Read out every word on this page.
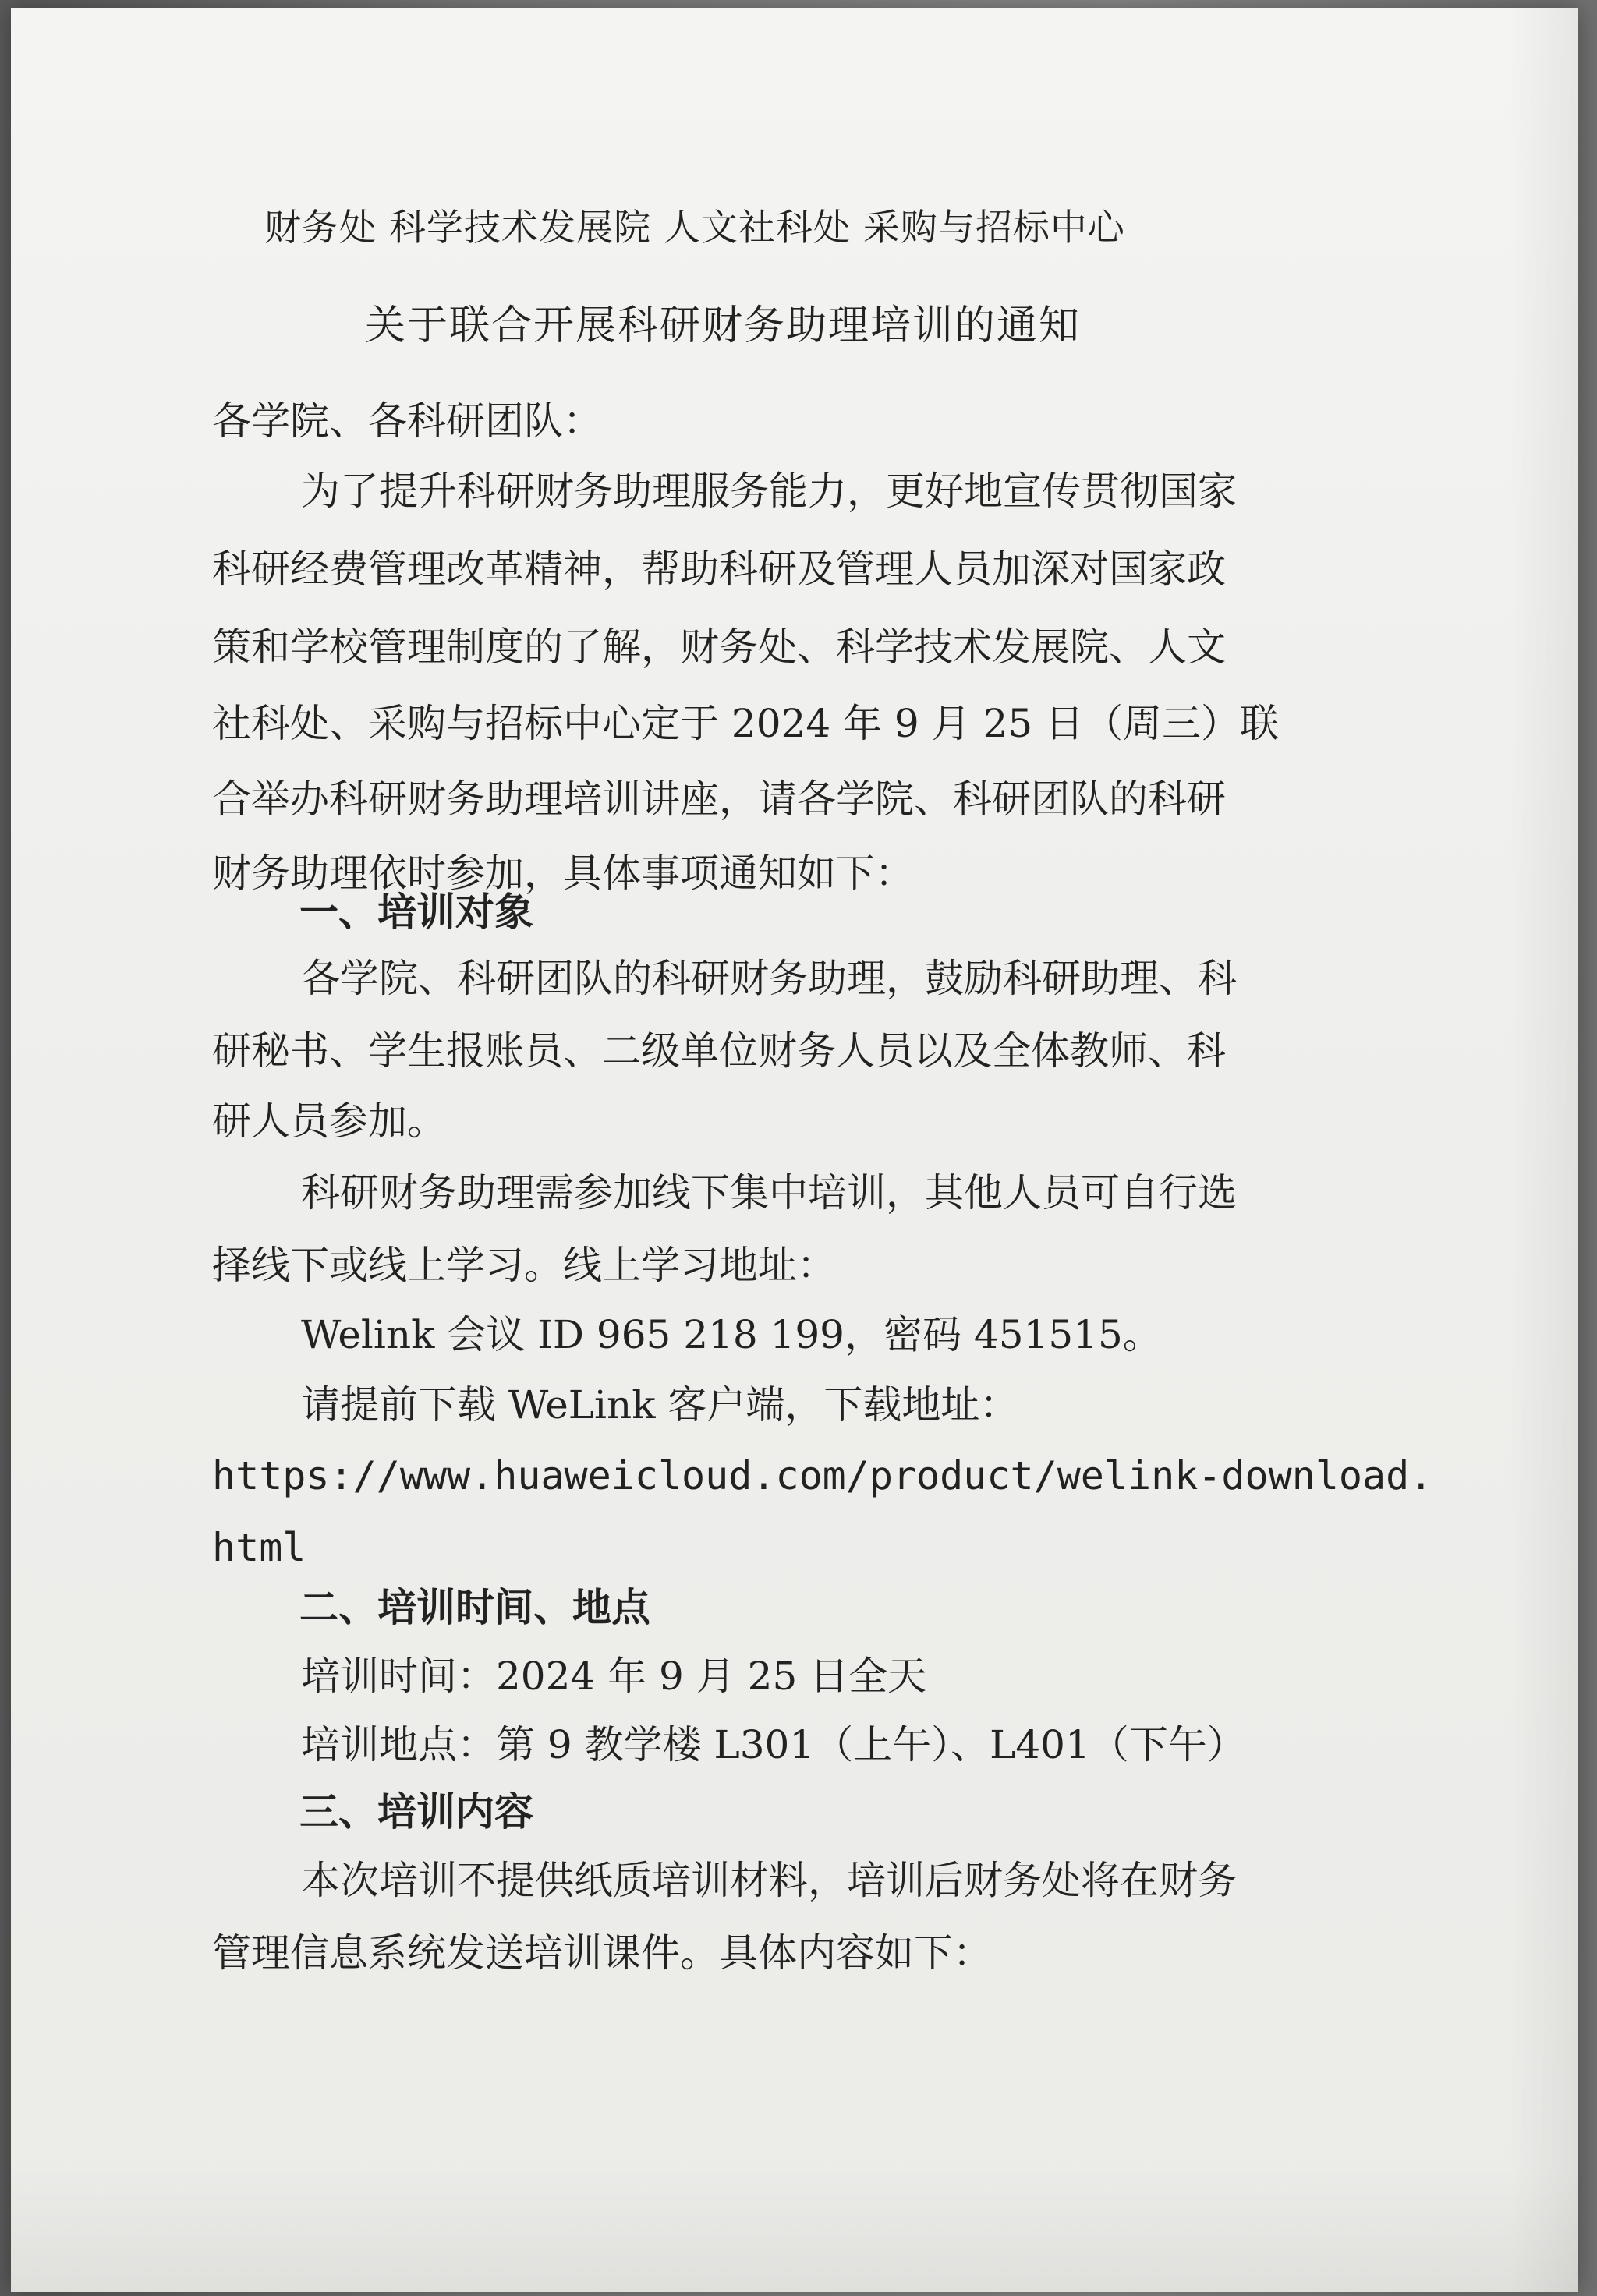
财务处 科学技术发展院 人文社科处 采购与招标中心

关于联合开展科研财务助理培训的通知

各学院、各科研团队：

为了提升科研财务助理服务能力，更好地宣传贯彻国家

科研经费管理改革精神，帮助科研及管理人员加深对国家政

策和学校管理制度的了解，财务处、科学技术发展院、人文

社科处、采购与招标中心定于 2024 年 9 月 25 日（周三）联

合举办科研财务助理培训讲座，请各学院、科研团队的科研

财务助理依时参加，具体事项通知如下：

一、培训对象

各学院、科研团队的科研财务助理，鼓励科研助理、科

研秘书、学生报账员、二级单位财务人员以及全体教师、科

研人员参加。

科研财务助理需参加线下集中培训，其他人员可自行选

择线下或线上学习。线上学习地址：

Welink 会议 ID 965 218 199，密码 451515。

请提前下载 WeLink 客户端，下载地址：

https://www.huaweicloud.com/product/welink-download.

html

二、培训时间、地点

培训时间：2024 年 9 月 25 日全天

培训地点：第 9 教学楼 L301（上午）、L401（下午）

三、培训内容

本次培训不提供纸质培训材料，培训后财务处将在财务

管理信息系统发送培训课件。具体内容如下：
